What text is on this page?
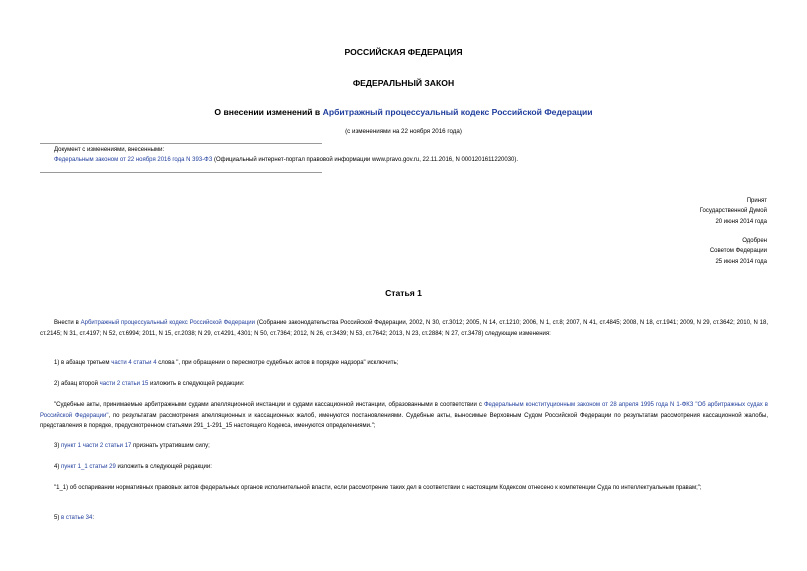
РОССИЙСКАЯ ФЕДЕРАЦИЯ
ФЕДЕРАЛЬНЫЙ ЗАКОН
О внесении изменений в Арбитражный процессуальный кодекс Российской Федерации
(с изменениями на 22 ноября 2016 года)
Документ с изменениями, внесенными:
Федеральным законом от 22 ноября 2016 года N 393-ФЗ (Официальный интернет-портал правовой информации www.pravo.gov.ru, 22.11.2016, N 0001201611220030).
Принят
Государственной Думой
20 июня 2014 года
Одобрен
Советом Федерации
25 июня 2014 года
Статья 1
Внести в Арбитражный процессуальный кодекс Российской Федерации (Собрание законодательства Российской Федерации, 2002, N 30, ст.3012; 2005, N 14, ст.1210; 2006, N 1, ст.8; 2007, N 41, ст.4845; 2008, N 18, ст.1941; 2009, N 29, ст.3642; 2010, N 18, ст.2145; N 31, ст.4197; N 52, ст.6994; 2011, N 15, ст.2038; N 29, ст.4291, 4301; N 50, ст.7364; 2012, N 26, ст.3439; N 53, ст.7642; 2013, N 23, ст.2884; N 27, ст.3478) следующие изменения:
1) в абзаце третьем части 4 статьи 4 слова ", при обращении о пересмотре судебных актов в порядке надзора" исключить;
2) абзац второй части 2 статьи 15 изложить в следующей редакции:
"Судебные акты, принимаемые арбитражными судами апелляционной инстанции и судами кассационной инстанции, образованными в соответствии с Федеральным конституционным законом от 28 апреля 1995 года N 1-ФКЗ "Об арбитражных судах в Российской Федерации", по результатам рассмотрения апелляционных и кассационных жалоб, именуются постановлениями. Судебные акты, выносимые Верховным Судом Российской Федерации по результатам рассмотрения кассационной жалобы, представления в порядке, предусмотренном статьями 291_1-291_15 настоящего Кодекса, именуются определениями.";
3) пункт 1 части 2 статьи 17 признать утратившим силу;
4) пункт 1_1 статьи 29 изложить в следующей редакции:
"1_1) об оспаривании нормативных правовых актов федеральных органов исполнительной власти, если рассмотрение таких дел в соответствии с настоящим Кодексом отнесено к компетенции Суда по интеллектуальным правам;";
5) в статье 34:
